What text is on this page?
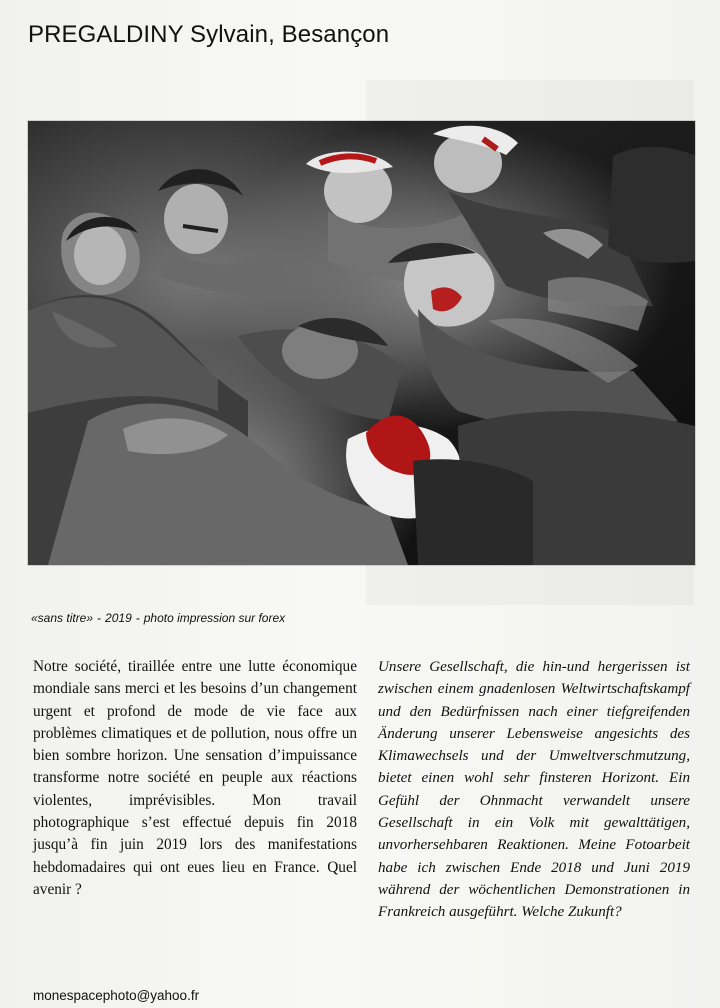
PREGALDINY Sylvain, Besançon
«sans titre» - 2019 - photo impression sur forex
Notre société, tiraillée entre une lutte économique mondiale sans merci et les besoins d’un changement urgent et profond de mode de vie face aux problèmes climatiques et de pollution, nous offre un bien sombre horizon. Une sensation d’impuissance transforme notre société en peuple aux réactions violentes, imprévisibles. Mon travail photographique s’est effectué depuis fin 2018 jusqu’à fin juin 2019 lors des manifestations hebdomadaires qui ont eues lieu en France. Quel avenir ?
Unsere Gesellschaft, die hin-und hergerissen ist zwischen einem gnadenlosen Weltwirtschaftskampf und den Bedürfnissen nach einer tiefgreifenden Änderung unserer Lebensweise angesichts des Klimawechsels und der Umweltverschmutzung, bietet einen wohl sehr finsteren Horizont. Ein Gefühl der Ohnmacht verwandelt unsere Gesellschaft in ein Volk mit gewalttätigen, unvorhersehbaren Reaktionen. Meine Fotoarbeit habe ich zwischen Ende 2018 und Juni 2019 während der wöchentlichen Demonstrationen in Frankreich ausgeführt. Welche Zukunft?
monespacephoto@yahoo.fr
